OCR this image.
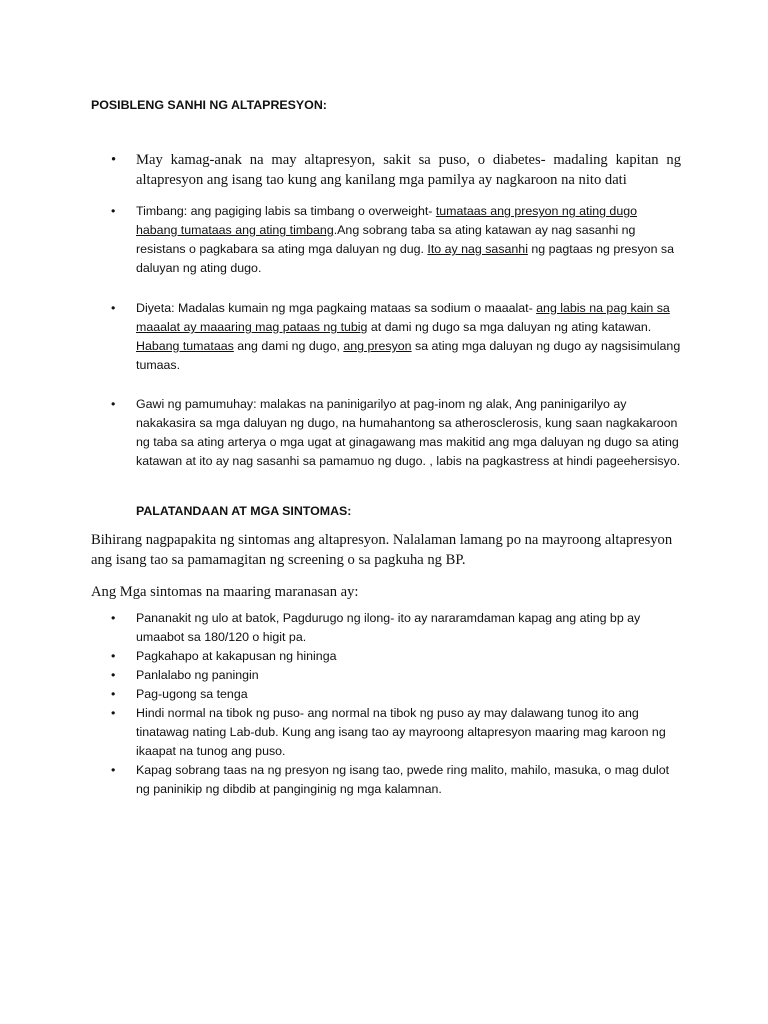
POSIBLENG SANHI NG ALTAPRESYON:
• May kamag-anak na may altapresyon, sakit sa puso, o diabetes- madaling kapitan ng altapresyon ang isang tao kung ang kanilang mga pamilya ay nagkaroon na nito dati
• Timbang: ang pagiging labis sa timbang o overweight- tumataas ang presyon ng ating dugo habang tumataas ang ating timbang.Ang sobrang taba sa ating katawan ay nag sasanhi ng resistans o pagkabara sa ating mga daluyan ng dug. Ito ay nag sasanhi ng pagtaas ng presyon sa daluyan ng ating dugo.
• Diyeta: Madalas kumain ng mga pagkaing mataas sa sodium o maaalat- ang labis na pag kain sa maaalat ay maaaring mag pataas ng tubig at dami ng dugo sa mga daluyan ng ating katawan. Habang tumataas ang dami ng dugo, ang presyon sa ating mga daluyan ng dugo ay nagsisimulang tumaas.
• Gawi ng pamumuhay: malakas na paninigarilyo at pag-inom ng alak, Ang paninigarilyo ay nakakasira sa mga daluyan ng dugo, na humahantong sa atherosclerosis, kung saan nagkakaroon ng taba sa ating arterya o mga ugat at ginagawang mas makitid ang mga daluyan ng dugo sa ating katawan at ito ay nag sasanhi sa pamamuo ng dugo. , labis na pagkastress at hindi pageehersisyo.
PALATANDAAN AT MGA SINTOMAS:
Bihirang nagpapakita ng sintomas ang altapresyon. Nalalaman lamang po na mayroong altapresyon ang isang tao sa pamamagitan ng screening o sa pagkuha ng BP.
Ang Mga sintomas na maaring maranasan ay:
• Pananakit ng ulo at batok, Pagdurugo ng ilong- ito ay nararamdaman kapag ang ating bp ay umaabot sa 180/120 o higit pa.
• Pagkahapo at kakapusan ng hininga
• Panlalabo ng paningin
• Pag-ugong sa tenga
• Hindi normal na tibok ng puso- ang normal na tibok ng puso ay may dalawang tunog ito ang tinatawag nating Lab-dub. Kung ang isang tao ay mayroong altapresyon maaring mag karoon ng ikaapat na tunog ang puso.
• Kapag sobrang taas na ng presyon ng isang tao, pwede ring malito, mahilo, masuka, o mag dulot ng paninikip ng dibdib at panginginig ng mga kalamnan.
